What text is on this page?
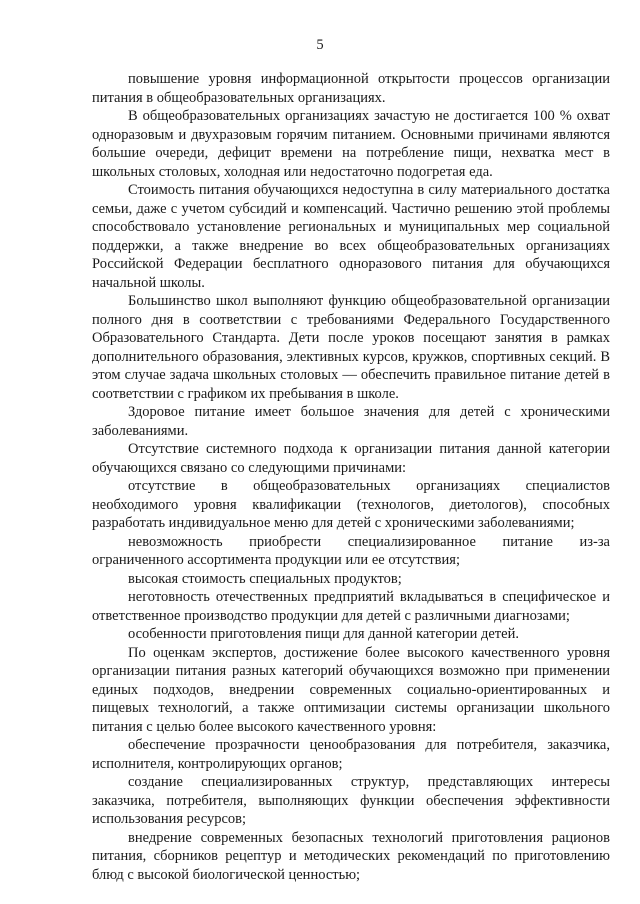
5

повышение уровня информационной открытости процессов организации питания в общеобразовательных организациях.

В общеобразовательных организациях зачастую не достигается 100 % охват одноразовым и двухразовым горячим питанием. Основными причинами являются большие очереди, дефицит времени на потребление пищи, нехватка мест в школьных столовых, холодная или недостаточно подогретая еда.

Стоимость питания обучающихся недоступна в силу материального достатка семьи, даже с учетом субсидий и компенсаций. Частично решению этой проблемы способствовало установление региональных и муниципальных мер социальной поддержки, а также внедрение во всех общеобразовательных организациях Российской Федерации бесплатного одноразового питания для обучающихся начальной школы.

Большинство школ выполняют функцию общеобразовательной организации полного дня в соответствии с требованиями Федерального Государственного Образовательного Стандарта. Дети после уроков посещают занятия в рамках дополнительного образования, элективных курсов, кружков, спортивных секций. В этом случае задача школьных столовых — обеспечить правильное питание детей в соответствии с графиком их пребывания в школе.

Здоровое питание имеет большое значения для детей с хроническими заболеваниями.

Отсутствие системного подхода к организации питания данной категории обучающихся связано со следующими причинами:

отсутствие в общеобразовательных организациях специалистов необходимого уровня квалификации (технологов, диетологов), способных разработать индивидуальное меню для детей с хроническими заболеваниями;

невозможность приобрести специализированное питание из-за ограниченного ассортимента продукции или ее отсутствия;

высокая стоимость специальных продуктов;

неготовность отечественных предприятий вкладываться в специфическое и ответственное производство продукции для детей с различными диагнозами;

особенности приготовления пищи для данной категории детей.

По оценкам экспертов, достижение более высокого качественного уровня организации питания разных категорий обучающихся возможно при применении единых подходов, внедрении современных социально-ориентированных и пищевых технологий, а также оптимизации системы организации школьного питания с целью более высокого качественного уровня:

обеспечение прозрачности ценообразования для потребителя, заказчика, исполнителя, контролирующих органов;

создание специализированных структур, представляющих интересы заказчика, потребителя, выполняющих функции обеспечения эффективности использования ресурсов;

внедрение современных безопасных технологий приготовления рационов питания, сборников рецептур и методических рекомендаций по приготовлению блюд с высокой биологической ценностью;
